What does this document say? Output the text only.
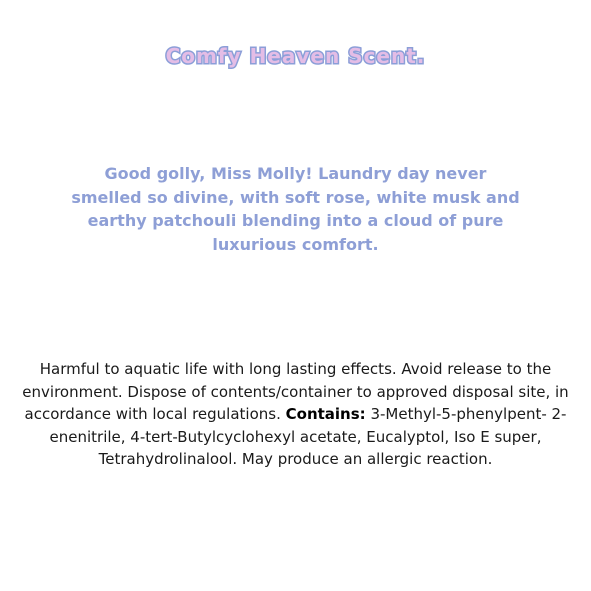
Comfy Heaven Scent.

Good golly, Miss Molly! Laundry day never smelled so divine, with soft rose, white musk and earthy patchouli blending into a cloud of pure luxurious comfort.

Harmful to aquatic life with long lasting effects. Avoid release to the environment. Dispose of contents/container to approved disposal site, in accordance with local regulations. Contains: 3-Methyl-5-phenylpent- 2-enenitrile, 4-tert-Butylcyclohexyl acetate, Eucalyptol, Iso E super, Tetrahydrolinalool. May produce an allergic reaction.
